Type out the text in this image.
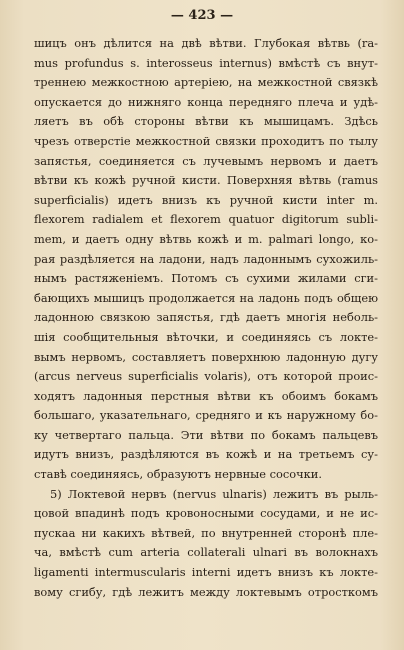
— 423 —
шицъ онъ дѣлится на двѣ вѣтви. Глубокая вѣтвь (ra-
mus profundus s. interosseus internus) вмѣстѣ съ внут-
треннею межкостною артеріею, на межкостной связкѣ
опускается до нижняго конца передняго плеча и удѣ-
ляетъ въ обѣ стороны вѣтви къ мышицамъ. Здѣсь
чрезъ отверстіе межкостной связки проходитъ по тылу
запястья, соединяется съ лучевымъ нервомъ и даетъ
вѣтви къ кожѣ ручной кисти. Поверхняя вѣтвь (ramus
superficialis) идетъ внизъ къ ручной кисти inter m.
flexorem radialem et flexorem quatuor digitorum subli-
mem, и даетъ одну вѣтвь кожѣ и m. palmari longo, ко-
рая раздѣляется на ладони, надъ ладоннымъ сухожиль-
нымъ растяженіемъ. Потомъ съ сухими жилами сги-
бающихъ мышицъ продолжается на ладонь подъ общею
ладонною связкою запястья, гдѣ даетъ многія неболь-
шія сообщительныя вѣточки, и соединяясь съ локте-
вымъ нервомъ, составляетъ поверхнюю ладонную дугу
(arcus nerveus superficialis volaris), отъ которой проис-
ходятъ ладонныя перстныя вѣтви къ обоимъ бокамъ
большаго, указательнаго, средняго и къ наружному бо-
ку четвертаго пальца. Эти вѣтви по бокамъ пальцевъ
идутъ внизъ, раздѣляются въ кожѣ и на третьемъ су-
ставѣ соединяясь, образуютъ нервные сосочки.
5) Локтевой нервъ (nervus ulnaris) лежитъ въ рыль-
цовой впадинѣ подъ кровоносными сосудами, и не ис-
пускаа ни какихъ вѣтвей, по внутренней сторонѣ пле-
ча, вмѣстѣ cum arteria collaterali ulnari въ волокнахъ
ligamenti intermuscularis interni идетъ внизъ къ локте-
вому сгибу, гдѣ лежитъ между локтевымъ отросткомъ
